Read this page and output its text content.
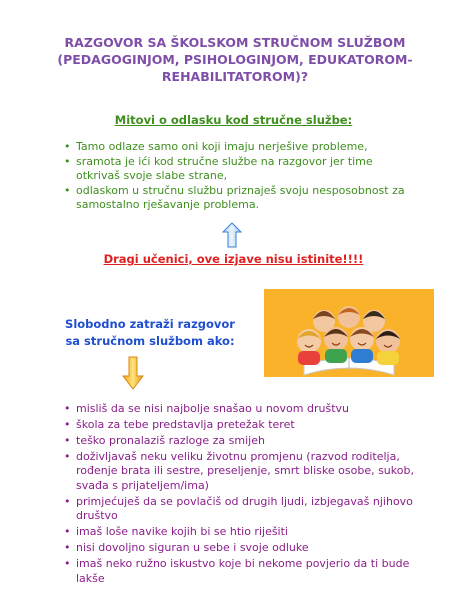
RAZGOVOR SA ŠKOLSKOM STRUČNOM SLUŽBOM
(PEDAGOGINJOM, PSIHOLOGINJOM, EDUKATOROM-
REHABILITATOROM)?
Mitovi o odlasku kod stručne službe:
• Tamo odlaze samo oni koji imaju nerješive probleme,
• sramota je ići kod stručne službe na razgovor jer time otkrivaš svoje slabe strane,
• odlaskom u stručnu službu priznaješ svoju nesposobnost za samostalno rješavanje problema.
Dragi učenici, ove izjave nisu istinite!!!!
Slobodno zatraži razgovor
sa stručnom službom ako:
• misliš da se nisi najbolje snašao u novom društvu
• škola za tebe predstavlja pretežak teret
• teško pronalaziš razloge za smijeh
• doživljavaš neku veliku životnu promjenu (razvod roditelja, rođenje brata ili sestre, preseljenje, smrt bliske osobe, sukob, svađa s prijateljem/ima)
• primjećuješ da se povlačiš od drugih ljudi, izbjegavaš njihovo društvo
• imaš loše navike kojih bi se htio riješiti
• nisi dovoljno siguran u sebe i svoje odluke
• imaš neko ružno iskustvo koje bi nekome povjerio da ti bude lakše
